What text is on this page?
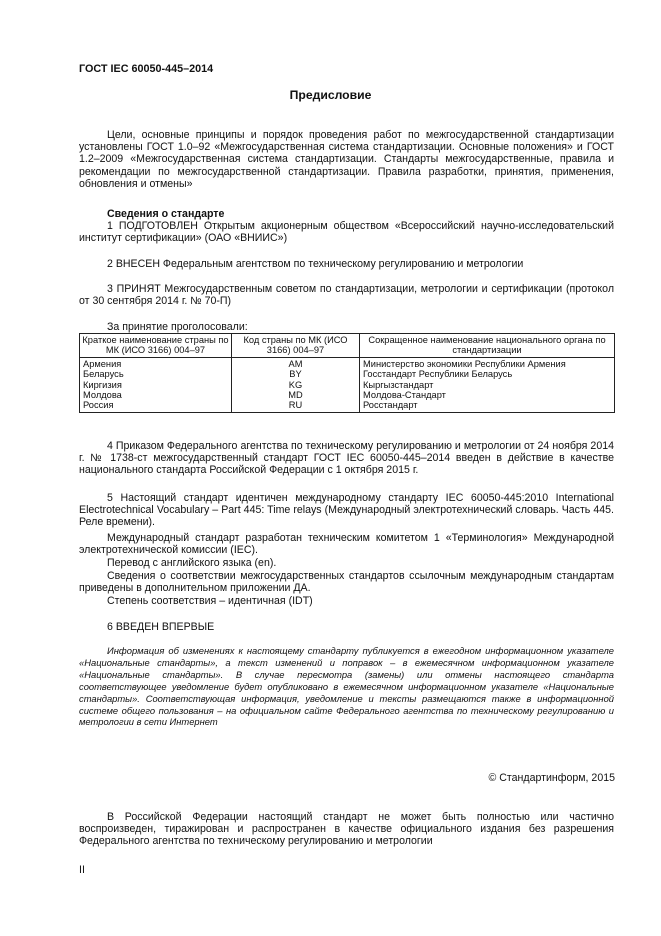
ГОСТ IEC 60050-445–2014
Предисловие
Цели, основные принципы и порядок проведения работ по межгосударственной стандартизации установлены ГОСТ 1.0–92 «Межгосударственная система стандартизации. Основные положения» и ГОСТ 1.2–2009 «Межгосударственная система стандартизации. Стандарты межгосударственные, правила и рекомендации по межгосударственной стандартизации. Правила разработки, принятия, применения, обновления и отмены»
Сведения о стандарте
1 ПОДГОТОВЛЕН Открытым акционерным обществом «Всероссийский научно-исследовательский институт сертификации» (ОАО «ВНИИС»)
2 ВНЕСЕН Федеральным агентством по техническому регулированию и метрологии
3 ПРИНЯТ Межгосударственным советом по стандартизации, метрологии и сертификации (протокол от 30 сентября 2014 г. № 70-П)
За принятие проголосовали:
Краткое наименование страны по МК (ИСО 3166) 004–97	Код страны по МК (ИСО 3166) 004–97	Сокращенное наименование национального органа по стандартизации
Армения	AM	Министерство экономики Республики Армения
Беларусь	BY	Госстандарт Республики Беларусь
Киргизия	KG	Кыргызстандарт
Молдова	MD	Молдова-Стандарт
Россия	RU	Росстандарт
4 Приказом Федерального агентства по техническому регулированию и метрологии от 24 ноября 2014 г. № 1738-ст межгосударственный стандарт ГОСТ IEC 60050-445–2014 введен в действие в качестве национального стандарта Российской Федерации с 1 октября 2015 г.
5 Настоящий стандарт идентичен международному стандарту IEC 60050-445:2010 International Electrotechnical Vocabulary – Part 445: Time relays (Международный электротехнический словарь. Часть 445. Реле времени).
Международный стандарт разработан техническим комитетом 1 «Терминология» Международной электротехнической комиссии (IEC).
Перевод с английского языка (en).
Сведения о соответствии межгосударственных стандартов ссылочным международным стандартам приведены в дополнительном приложении ДА.
Степень соответствия – идентичная (IDT)
6 ВВЕДЕН ВПЕРВЫЕ
Информация об изменениях к настоящему стандарту публикуется в ежегодном информационном указателе «Национальные стандарты», а текст изменений и поправок – в ежемесячном информационном указателе «Национальные стандарты». В случае пересмотра (замены) или отмены настоящего стандарта соответствующее уведомление будет опубликовано в ежемесячном информационном указателе «Национальные стандарты». Соответствующая информация, уведомление и тексты размещаются также в информационной системе общего пользования – на официальном сайте Федерального агентства по техническому регулированию и метрологии в сети Интернет
© Стандартинформ, 2015
В Российской Федерации настоящий стандарт не может быть полностью или частично воспроизведен, тиражирован и распространен в качестве официального издания без разрешения Федерального агентства по техническому регулированию и метрологии
II
